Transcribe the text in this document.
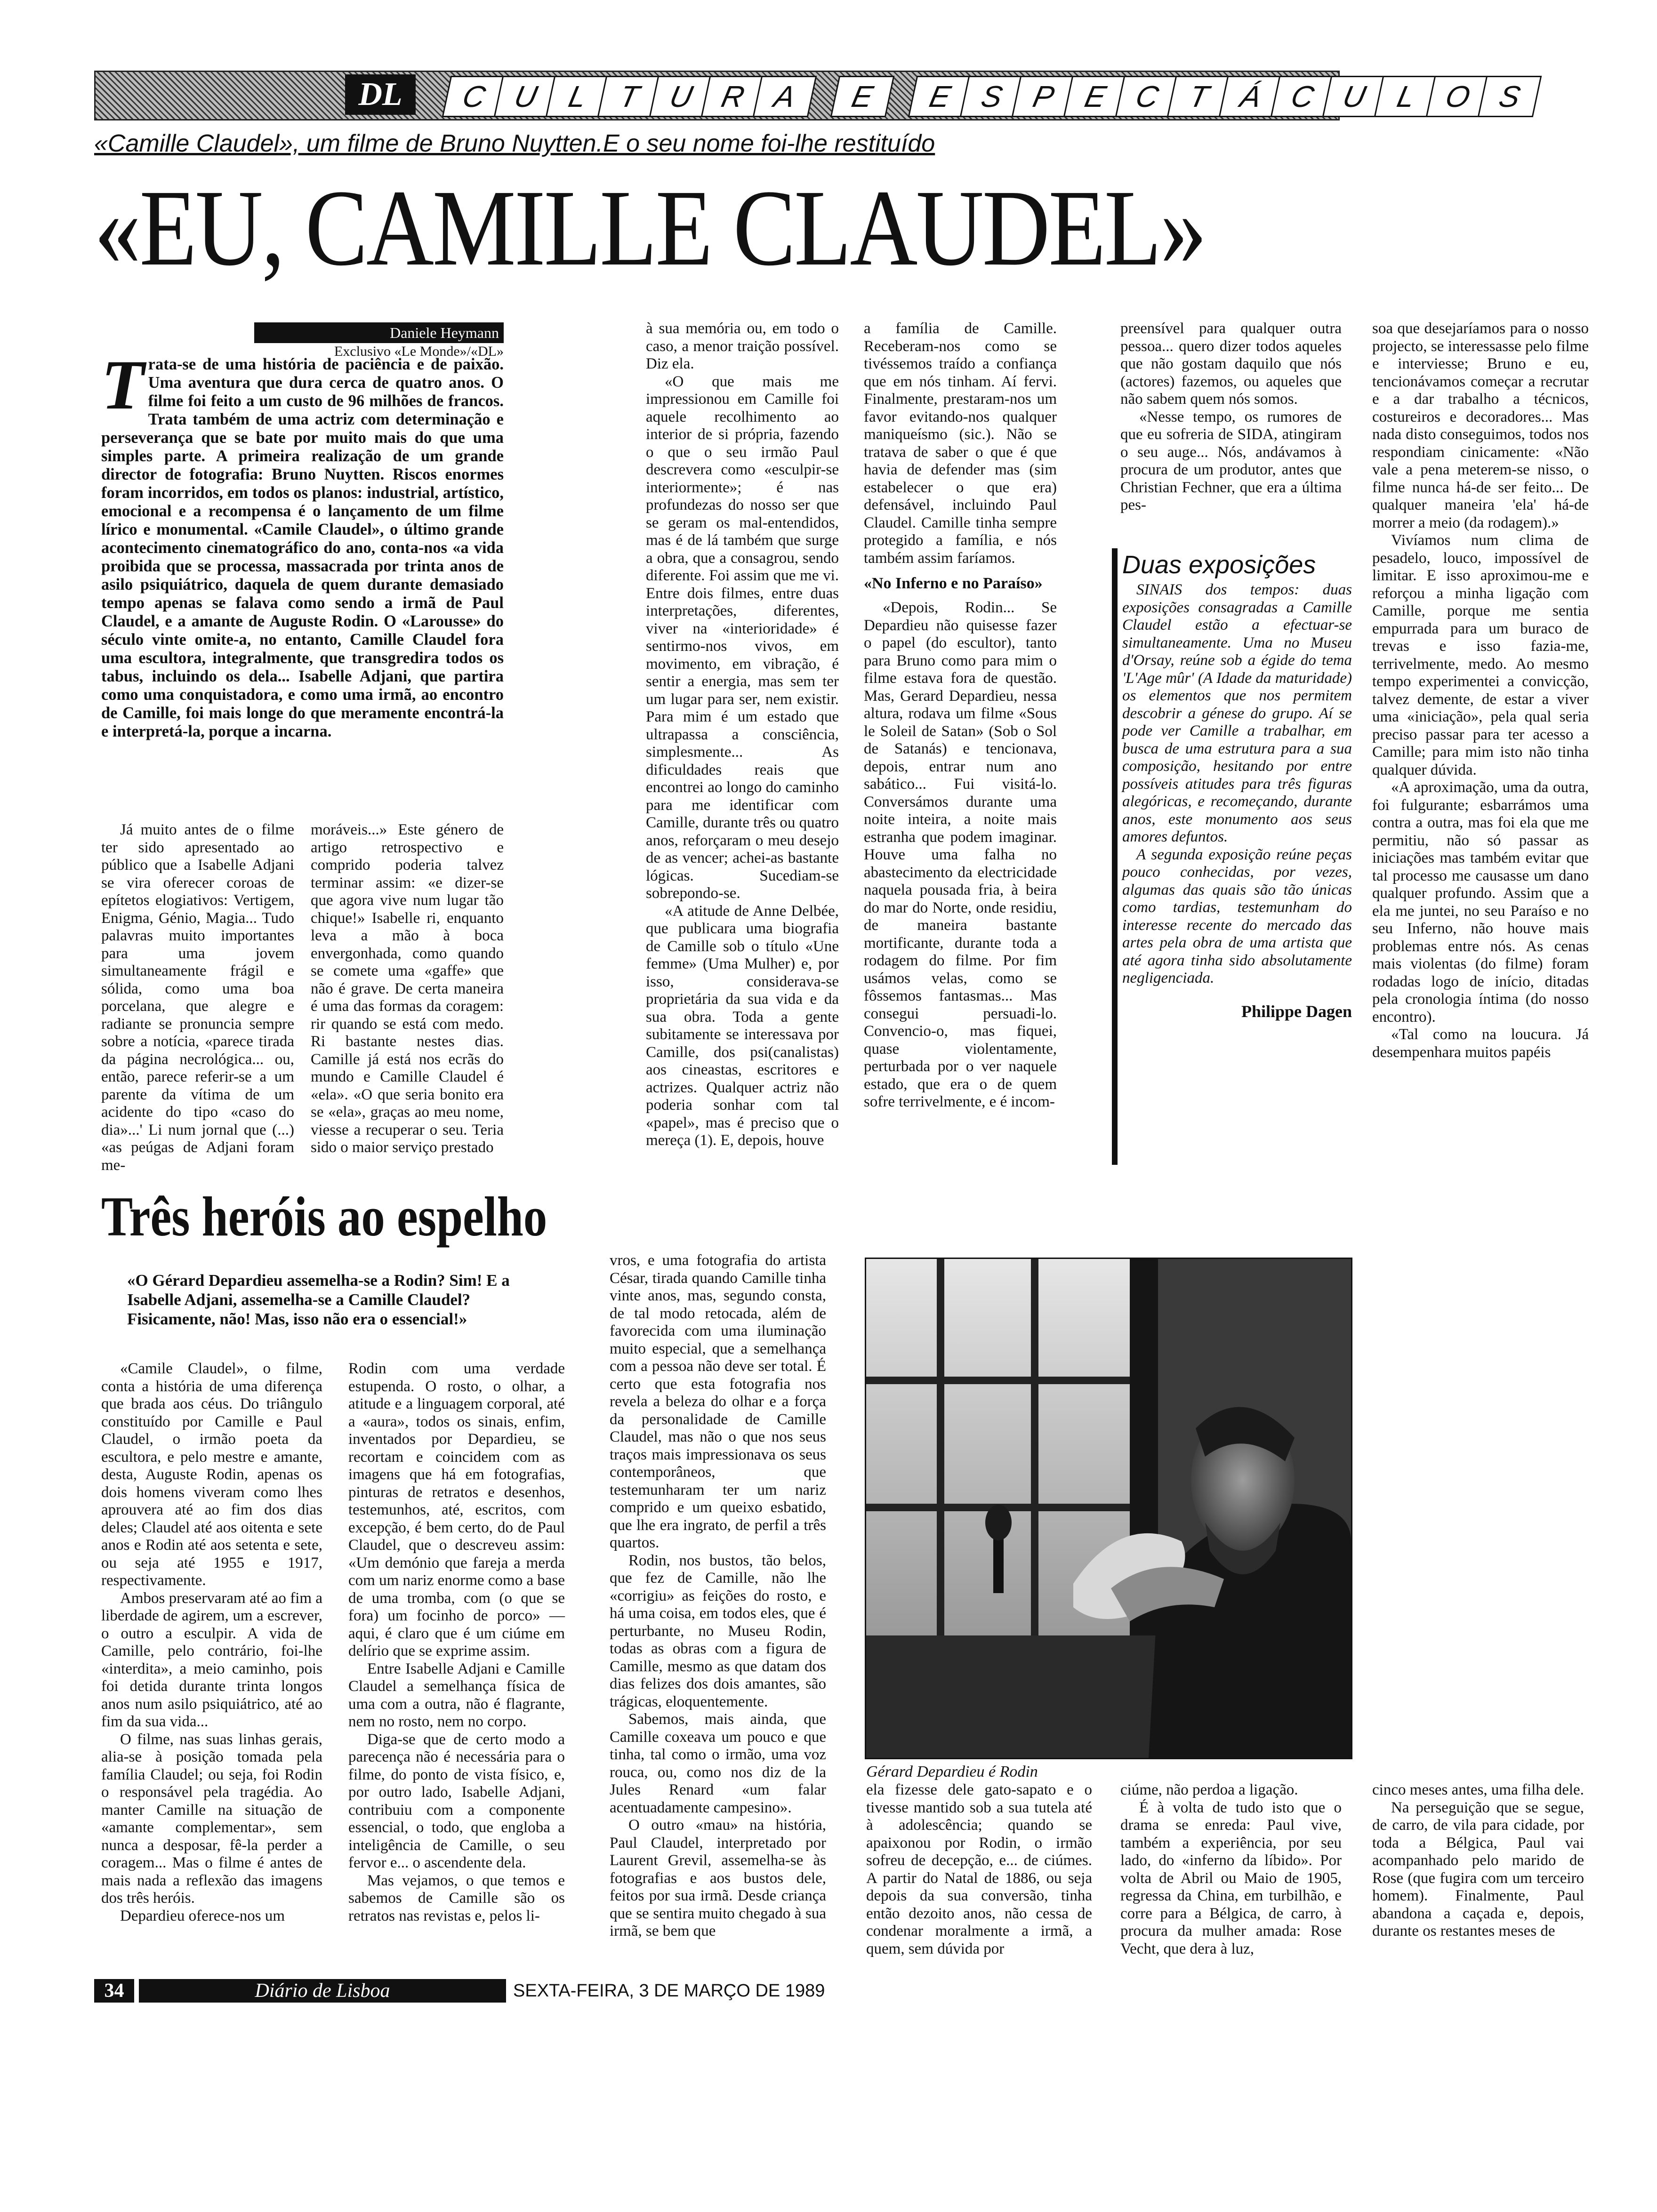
DL	C U L T U R A	E	E S P E C T Á C U L O S
«Camille Claudel», um filme de Bruno Nuytten.E o seu nome foi-lhe restituído
«EU, CAMILLE CLAUDEL»
Daniele Heymann
Exclusivo «Le Monde»/«DL»
Trata-se de uma história de paciência e de paixão. Uma aventura que dura cerca de quatro anos. O filme foi feito a um custo de 96 milhões de francos. Trata também de uma actriz com determinação e perseverança que se bate por muito mais do que uma simples parte. A primeira realização de um grande director de fotografia: Bruno Nuytten. Riscos enormes foram incorridos, em todos os planos: industrial, artístico, emocional e a recompensa é o lançamento de um filme lírico e monumental. «Camile Claudel», o último grande acontecimento cinematográfico do ano, conta-nos «a vida proibida que se processa, massacrada por trinta anos de asilo psiquiátrico, daquela de quem durante demasiado tempo apenas se falava como sendo a irmã de Paul Claudel, e a amante de Auguste Rodin. O «Larousse» do século vinte omite-a, no entanto, Camille Claudel fora uma escultora, integralmente, que transgredira todos os tabus, incluindo os dela... Isabelle Adjani, que partira como uma conquistadora, e como uma irmã, ao encontro de Camille, foi mais longe do que meramente encontrá-la e interpretá-la, porque a incarna.

Já muito antes de o filme ter sido apresentado ao público que a Isabelle Adjani se vira oferecer coroas de epítetos elogiativos: Vertigem, Enigma, Génio, Magia... Tudo palavras muito importantes para uma jovem simultaneamente frágil e sólida, como uma boa porcelana, que alegre e radiante se pronuncia sempre sobre a notícia, «parece tirada da página necrológica... ou, então, parece referir-se a um parente da vítima de um acidente do tipo «caso do dia»...' Li num jornal que (...) «as peúgas de Adjani foram me-

moráveis...» Este género de artigo retrospectivo e comprido poderia talvez terminar assim: «e dizer-se que agora vive num lugar tão chique!» Isabelle ri, enquanto leva a mão à boca envergonhada, como quando se comete uma «gaffe» que não é grave. De certa maneira é uma das formas da coragem: rir quando se está com medo. Ri bastante nestes dias. Camille já está nos ecrãs do mundo e Camille Claudel é «ela». «O que seria bonito era se «ela», graças ao meu nome, viesse a recuperar o seu. Teria sido o maior serviço prestado

à sua memória ou, em todo o caso, a menor traição possível. Diz ela.

«O que mais me impressionou em Camille foi aquele recolhimento ao interior de si própria, fazendo o que o seu irmão Paul descrevera como «esculpir-se interiormente»; é nas profundezas do nosso ser que se geram os mal-entendidos, mas é de lá também que surge a obra, que a consagrou, sendo diferente. Foi assim que me vi. Entre dois filmes, entre duas interpretações, diferentes, viver na «interioridade» é sentirmo-nos vivos, em movimento, em vibração, é sentir a energia, mas sem ter um lugar para ser, nem existir. Para mim é um estado que ultrapassa a consciência, simplesmente... As dificuldades reais que encontrei ao longo do caminho para me identificar com Camille, durante três ou quatro anos, reforçaram o meu desejo de as vencer; achei-as bastante lógicas. Sucediam-se sobrepondo-se.

«A atitude de Anne Delbée, que publicara uma biografia de Camille sob o título «Une femme» (Uma Mulher) e, por isso, considerava-se proprietária da sua vida e da sua obra. Toda a gente subitamente se interessava por Camille, dos psi(canalistas) aos cineastas, escritores e actrizes. Qualquer actriz não poderia sonhar com tal «papel», mas é preciso que o mereça (1). E, depois, houve

a família de Camille. Receberam-nos como se tivéssemos traído a confiança que em nós tinham. Aí fervi. Finalmente, prestaram-nos um favor evitando-nos qualquer maniqueísmo (sic.). Não se tratava de saber o que é que havia de defender mas (sim estabelecer o que era) defensável, incluindo Paul Claudel. Camille tinha sempre protegido a família, e nós também assim faríamos.

«No Inferno e no Paraíso»

«Depois, Rodin... Se Depardieu não quisesse fazer o papel (do escultor), tanto para Bruno como para mim o filme estava fora de questão. Mas, Gerard Depardieu, nessa altura, rodava um filme «Sous le Soleil de Satan» (Sob o Sol de Satanás) e tencionava, depois, entrar num ano sabático... Fui visitá-lo. Conversámos durante uma noite inteira, a noite mais estranha que podem imaginar. Houve uma falha no abastecimento da electricidade naquela pousada fria, à beira do mar do Norte, onde residiu, de maneira bastante mortificante, durante toda a rodagem do filme. Por fim usámos velas, como se fôssemos fantasmas... Mas consegui persuadi-lo. Convencio-o, mas fiquei, quase violentamente, perturbada por o ver naquele estado, que era o de quem sofre terrivelmente, e é incom-

preensível para qualquer outra pessoa... quero dizer todos aqueles que não gostam daquilo que nós (actores) fazemos, ou aqueles que não sabem quem nós somos.

«Nesse tempo, os rumores de que eu sofreria de SIDA, atingiram o seu auge... Nós, andávamos à procura de um produtor, antes que Christian Fechner, que era a última pes-

soa que desejaríamos para o nosso projecto, se interessasse pelo filme e interviesse; Bruno e eu, tencionávamos começar a recrutar e a dar trabalho a técnicos, costureiros e decoradores... Mas nada disto conseguimos, todos nos respondiam cinicamente: «Não vale a pena meterem-se nisso, o filme nunca há-de ser feito... De qualquer maneira 'ela' há-de morrer a meio (da rodagem).»

Vivíamos num clima de pesadelo, louco, impossível de limitar. E isso aproximou-me e reforçou a minha ligação com Camille, porque me sentia empurrada para um buraco de trevas e isso fazia-me, terrivelmente, medo. Ao mesmo tempo experimentei a convicção, talvez demente, de estar a viver uma «iniciação», pela qual seria preciso passar para ter acesso a Camille; para mim isto não tinha qualquer dúvida.

«A aproximação, uma da outra, foi fulgurante; esbarrámos uma contra a outra, mas foi ela que me permitiu, não só passar as iniciações mas também evitar que tal processo me causasse um dano qualquer profundo. Assim que a ela me juntei, no seu Paraíso e no seu Inferno, não houve mais problemas entre nós. As cenas mais violentas (do filme) foram rodadas logo de início, ditadas pela cronologia íntima (do nosso encontro).

«Tal como na loucura. Já desempenhara muitos papéis

Duas exposições

SINAIS dos tempos: duas exposições consagradas a Camille Claudel estão a efectuar-se simultaneamente. Uma no Museu d'Orsay, reúne sob a égide do tema 'L'Age mûr' (A Idade da maturidade) os elementos que nos permitem descobrir a génese do grupo. Aí se pode ver Camille a trabalhar, em busca de uma estrutura para a sua composição, hesitando por entre possíveis atitudes para três figuras alegóricas, e recomeçando, durante anos, este monumento aos seus amores defuntos.

A segunda exposição reúne peças pouco conhecidas, por vezes, algumas das quais são tão únicas como tardias, testemunham do interesse recente do mercado das artes pela obra de uma artista que até agora tinha sido absolutamente negligenciada.

Philippe Dagen
Três heróis ao espelho
«O Gérard Depardieu assemelha-se a Rodin? Sim! E a Isabelle Adjani, assemelha-se a Camille Claudel? Fisicamente, não! Mas, isso não era o essencial!»

«Camile Claudel», o filme, conta a história de uma diferença que brada aos céus. Do triângulo constituído por Camille e Paul Claudel, o irmão poeta da escultora, e pelo mestre e amante, desta, Auguste Rodin, apenas os dois homens viveram como lhes aprouvera até ao fim dos dias deles; Claudel até aos oitenta e sete anos e Rodin até aos setenta e sete, ou seja até 1955 e 1917, respectivamente.

Ambos preservaram até ao fim a liberdade de agirem, um a escrever, o outro a esculpir. A vida de Camille, pelo contrário, foi-lhe «interdita», a meio caminho, pois foi detida durante trinta longos anos num asilo psiquiátrico, até ao fim da sua vida...

O filme, nas suas linhas gerais, alia-se à posição tomada pela família Claudel; ou seja, foi Rodin o responsável pela tragédia. Ao manter Camille na situação de «amante complementar», sem nunca a desposar, fê-la perder a coragem... Mas o filme é antes de mais nada a reflexão das imagens dos três heróis.

Depardieu oferece-nos um

Rodin com uma verdade estupenda. O rosto, o olhar, a atitude e a linguagem corporal, até a «aura», todos os sinais, enfim, inventados por Depardieu, se recortam e coincidem com as imagens que há em fotografias, pinturas de retratos e desenhos, testemunhos, até, escritos, com excepção, é bem certo, do de Paul Claudel, que o descreveu assim: «Um demónio que fareja a merda com um nariz enorme como a base de uma tromba, com (o que se fora) um focinho de porco» — aqui, é claro que é um ciúme em delírio que se exprime assim.

Entre Isabelle Adjani e Camille Claudel a semelhança física de uma com a outra, não é flagrante, nem no rosto, nem no corpo.

Diga-se que de certo modo a parecença não é necessária para o filme, do ponto de vista físico, e, por outro lado, Isabelle Adjani, contribuiu com a componente essencial, o todo, que engloba a inteligência de Camille, o seu fervor e... o ascendente dela.

Mas vejamos, o que temos e sabemos de Camille são os retratos nas revistas e, pelos li-

vros, e uma fotografia do artista César, tirada quando Camille tinha vinte anos, mas, segundo consta, de tal modo retocada, além de favorecida com uma iluminação muito especial, que a semelhança com a pessoa não deve ser total. É certo que esta fotografia nos revela a beleza do olhar e a força da personalidade de Camille Claudel, mas não o que nos seus traços mais impressionava os seus contemporâneos, que testemunharam ter um nariz comprido e um queixo esbatido, que lhe era ingrato, de perfil a três quartos.

Rodin, nos bustos, tão belos, que fez de Camille, não lhe «corrigiu» as feições do rosto, e há uma coisa, em todos eles, que é perturbante, no Museu Rodin, todas as obras com a figura de Camille, mesmo as que datam dos dias felizes dos dois amantes, são trágicas, eloquentemente.

Sabemos, mais ainda, que Camille coxeava um pouco e que tinha, tal como o irmão, uma voz rouca, ou, como nos diz de la Jules Renard «um falar acentuadamente campesino».

O outro «mau» na história, Paul Claudel, interpretado por Laurent Grevil, assemelha-se às fotografias e aos bustos dele, feitos por sua irmã. Desde criança que se sentira muito chegado à sua irmã, se bem que

Gérard Depardieu é Rodin

ela fizesse dele gato-sapato e o tivesse mantido sob a sua tutela até à adolescência; quando se apaixonou por Rodin, o irmão sofreu de decepção, e... de ciúmes. A partir do Natal de 1886, ou seja depois da sua conversão, tinha então dezoito anos, não cessa de condenar moralmente a irmã, a quem, sem dúvida por

ciúme, não perdoa a ligação.

É à volta de tudo isto que o drama se enreda: Paul vive, também a experiência, por seu lado, do «inferno da líbido». Por volta de Abril ou Maio de 1905, regressa da China, em turbilhão, e corre para a Bélgica, de carro, à procura da mulher amada: Rose Vecht, que dera à luz,

cinco meses antes, uma filha dele.

Na perseguição que se segue, de carro, de vila para cidade, por toda a Bélgica, Paul vai acompanhado pelo marido de Rose (que fugira com um terceiro homem). Finalmente, Paul abandona a caçada e, depois, durante os restantes meses de

34	Diário de Lisboa	SEXTA-FEIRA, 3 DE MARÇO DE 1989
